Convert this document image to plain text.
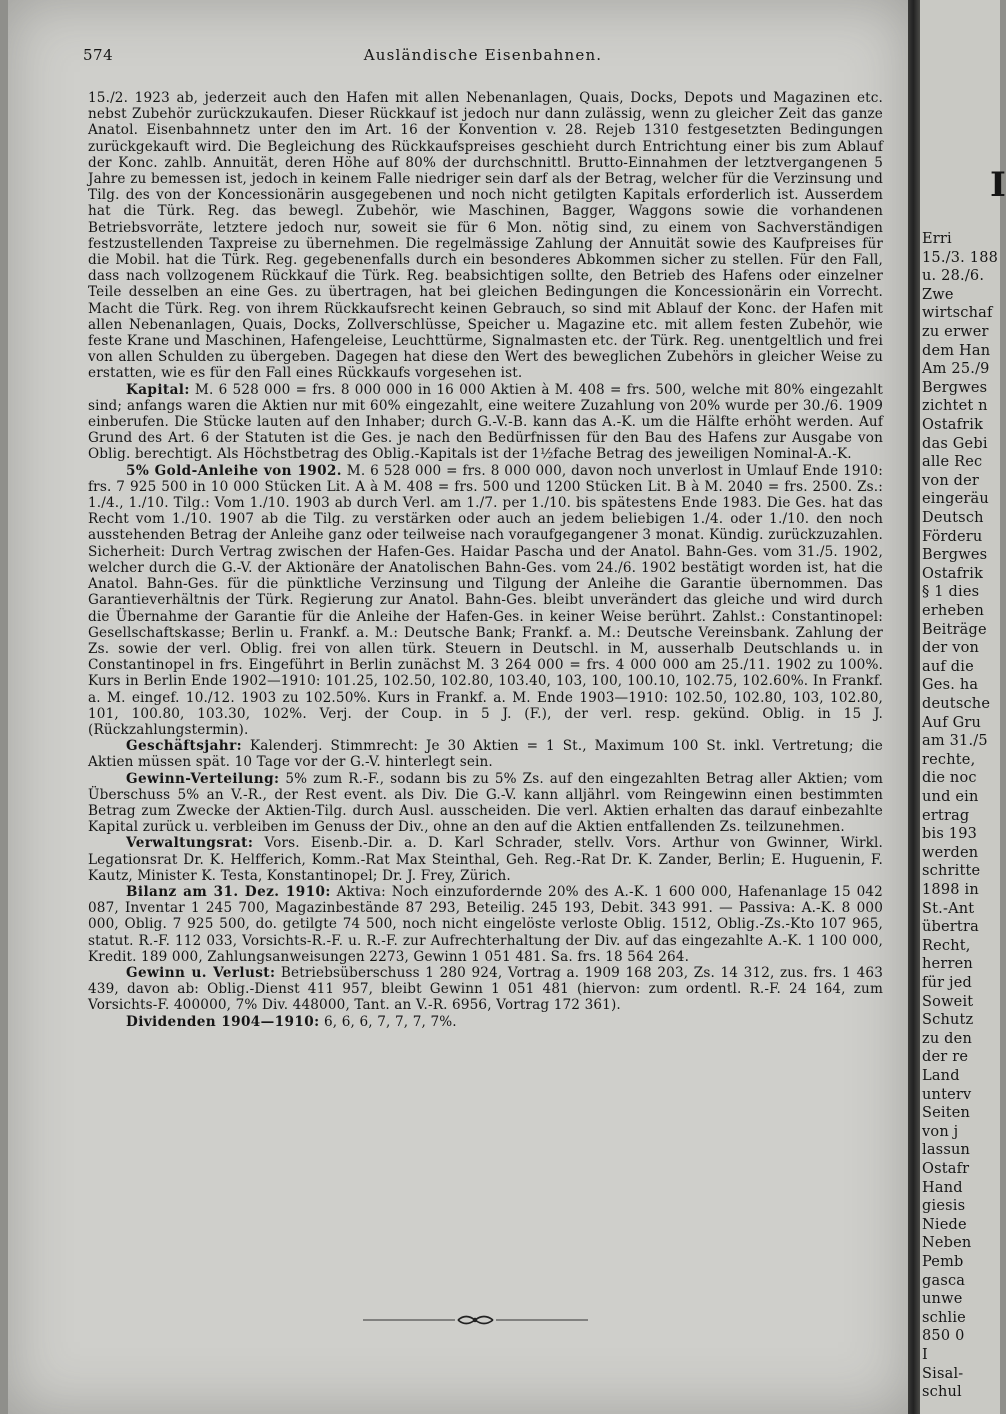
574	Ausländische Eisenbahnen.

15./2. 1923 ab, jederzeit auch den Hafen mit allen Nebenanlagen, Quais, Docks, Depots und Magazinen etc. nebst Zubehör zurückzukaufen. Dieser Rückkauf ist jedoch nur dann zulässig, wenn zu gleicher Zeit das ganze Anatol. Eisenbahnnetz unter den im Art. 16 der Konvention v. 28. Rejeb 1310 festgesetzten Bedingungen zurückgekauft wird. Die Begleichung des Rückkaufspreises geschieht durch Entrichtung einer bis zum Ablauf der Konc. zahlb. Annuität, deren Höhe auf 80% der durchschnittl. Brutto-Einnahmen der letztvergangenen 5 Jahre zu bemessen ist, jedoch in keinem Falle niedriger sein darf als der Betrag, welcher für die Verzinsung und Tilg. des von der Koncessionärin ausgegebenen und noch nicht getilgten Kapitals erforderlich ist. Ausserdem hat die Türk. Reg. das bewegl. Zubehör, wie Maschinen, Bagger, Waggons sowie die vorhandenen Betriebsvorräte, letztere jedoch nur, soweit sie für 6 Mon. nötig sind, zu einem von Sachverständigen festzustellenden Taxpreise zu übernehmen. Die regelmässige Zahlung der Annuität sowie des Kaufpreises für die Mobil. hat die Türk. Reg. gegebenenfalls durch ein besonderes Abkommen sicher zu stellen. Für den Fall, dass nach vollzogenem Rückkauf die Türk. Reg. beabsichtigen sollte, den Betrieb des Hafens oder einzelner Teile desselben an eine Ges. zu übertragen, hat bei gleichen Bedingungen die Koncessionärin ein Vorrecht. Macht die Türk. Reg. von ihrem Rückkaufsrecht keinen Gebrauch, so sind mit Ablauf der Konc. der Hafen mit allen Nebenanlagen, Quais, Docks, Zollverschlüsse, Speicher u. Magazine etc. mit allem festen Zubehör, wie feste Krane und Maschinen, Hafengeleise, Leuchttürme, Signalmasten etc. der Türk. Reg. unentgeltlich und frei von allen Schulden zu übergeben. Dagegen hat diese den Wert des beweglichen Zubehörs in gleicher Weise zu erstatten, wie es für den Fall eines Rückkaufs vorgesehen ist.

Kapital: M. 6 528 000 = frs. 8 000 000 in 16 000 Aktien à M. 408 = frs. 500, welche mit 80% eingezahlt sind; anfangs waren die Aktien nur mit 60% eingezahlt, eine weitere Zuzahlung von 20% wurde per 30./6. 1909 einberufen. Die Stücke lauten auf den Inhaber; durch G.-V.-B. kann das A.-K. um die Hälfte erhöht werden. Auf Grund des Art. 6 der Statuten ist die Ges. je nach den Bedürfnissen für den Bau des Hafens zur Ausgabe von Oblig. berechtigt. Als Höchstbetrag des Oblig.-Kapitals ist der 1½fache Betrag des jeweiligen Nominal-A.-K.

5% Gold-Anleihe von 1902. M. 6 528 000 = frs. 8 000 000, davon noch unverlost in Umlauf Ende 1910: frs. 7 925 500 in 10 000 Stücken Lit. A à M. 408 = frs. 500 und 1200 Stücken Lit. B à M. 2040 = frs. 2500. Zs.: 1./4., 1./10. Tilg.: Vom 1./10. 1903 ab durch Verl. am 1./7. per 1./10. bis spätestens Ende 1983. Die Ges. hat das Recht vom 1./10. 1907 ab die Tilg. zu verstärken oder auch an jedem beliebigen 1./4. oder 1./10. den noch ausstehenden Betrag der Anleihe ganz oder teilweise nach voraufgegangener 3 monat. Kündig. zurückzuzahlen. Sicherheit: Durch Vertrag zwischen der Hafen-Ges. Haidar Pascha und der Anatol. Bahn-Ges. vom 31./5. 1902, welcher durch die G.-V. der Aktionäre der Anatolischen Bahn-Ges. vom 24./6. 1902 bestätigt worden ist, hat die Anatol. Bahn-Ges. für die pünktliche Verzinsung und Tilgung der Anleihe die Garantie übernommen. Das Garantieverhältnis der Türk. Regierung zur Anatol. Bahn-Ges. bleibt unverändert das gleiche und wird durch die Übernahme der Garantie für die Anleihe der Hafen-Ges. in keiner Weise berührt. Zahlst.: Constantinopel: Gesellschaftskasse; Berlin u. Frankf. a. M.: Deutsche Bank; Frankf. a. M.: Deutsche Vereinsbank. Zahlung der Zs. sowie der verl. Oblig. frei von allen türk. Steuern in Deutschl. in M, ausserhalb Deutschlands u. in Constantinopel in frs. Eingeführt in Berlin zunächst M. 3 264 000 = frs. 4 000 000 am 25./11. 1902 zu 100%. Kurs in Berlin Ende 1902—1910: 101.25, 102.50, 102.80, 103.40, 103, 100, 100.10, 102.75, 102.60%. In Frankf. a. M. eingef. 10./12. 1903 zu 102.50%. Kurs in Frankf. a. M. Ende 1903—1910: 102.50, 102.80, 103, 102.80, 101, 100.80, 103.30, 102%. Verj. der Coup. in 5 J. (F.), der verl. resp. gekünd. Oblig. in 15 J. (Rückzahlungstermin).

Geschäftsjahr: Kalenderj. Stimmrecht: Je 30 Aktien = 1 St., Maximum 100 St. inkl. Vertretung; die Aktien müssen spät. 10 Tage vor der G.-V. hinterlegt sein.

Gewinn-Verteilung: 5% zum R.-F., sodann bis zu 5% Zs. auf den eingezahlten Betrag aller Aktien; vom Überschuss 5% an V.-R., der Rest event. als Div. Die G.-V. kann alljährl. vom Reingewinn einen bestimmten Betrag zum Zwecke der Aktien-Tilg. durch Ausl. ausscheiden. Die verl. Aktien erhalten das darauf einbezahlte Kapital zurück u. verbleiben im Genuss der Div., ohne an den auf die Aktien entfallenden Zs. teilzunehmen.

Verwaltungsrat: Vors. Eisenb.-Dir. a. D. Karl Schrader, stellv. Vors. Arthur von Gwinner, Wirkl. Legationsrat Dr. K. Helfferich, Komm.-Rat Max Steinthal, Geh. Reg.-Rat Dr. K. Zander, Berlin; E. Huguenin, F. Kautz, Minister K. Testa, Konstantinopel; Dr. J. Frey, Zürich.

Bilanz am 31. Dez. 1910: Aktiva: Noch einzufordernde 20% des A.-K. 1 600 000, Hafenanlage 15 042 087, Inventar 1 245 700, Magazinbestände 87 293, Beteilig. 245 193, Debit. 343 991. — Passiva: A.-K. 8 000 000, Oblig. 7 925 500, do. getilgte 74 500, noch nicht eingelöste verloste Oblig. 1512, Oblig.-Zs.-Kto 107 965, statut. R.-F. 112 033, Vorsichts-R.-F. u. R.-F. zur Aufrechterhaltung der Div. auf das eingezahlte A.-K. 1 100 000, Kredit. 189 000, Zahlungsanweisungen 2273, Gewinn 1 051 481. Sa. frs. 18 564 264.

Gewinn u. Verlust: Betriebsüberschuss 1 280 924, Vortrag a. 1909 168 203, Zs. 14 312, zus. frs. 1 463 439, davon ab: Oblig.-Dienst 411 957, bleibt Gewinn 1 051 481 (hiervon: zum ordentl. R.-F. 24 164, zum Vorsichts-F. 400000, 7% Div. 448000, Tant. an V.-R. 6956, Vortrag 172 361).

Dividenden 1904—1910: 6, 6, 6, 7, 7, 7, 7%.

I
Erri
15./3. 188
u. 28./6.
Zwe
wirtschaf
zu erwer
dem Han
Am 25./9
Bergwes
zichtet n
Ostafrik
das Gebi
alle Rec
von der
eingeräu
Deutsch
Förderu
Bergwes
Ostafrik
§ 1 dies
erheben
Beiträge
der von
auf die
Ges. ha
deutsche
Auf Gru
am 31./5
rechte,
die noc
und ein
ertrag
bis 193
werden
schritte
1898 in
St.-Ant
übertra
Recht,
herren
für jed
Soweit
Schutz
zu den
der re
Land
unterv
Seiten
von j
lassun
Ostafr
Hand
giesis
Niede
Neben
Pemb
gasca
unwe
schlie
850 0
I
Sisal-
schul
